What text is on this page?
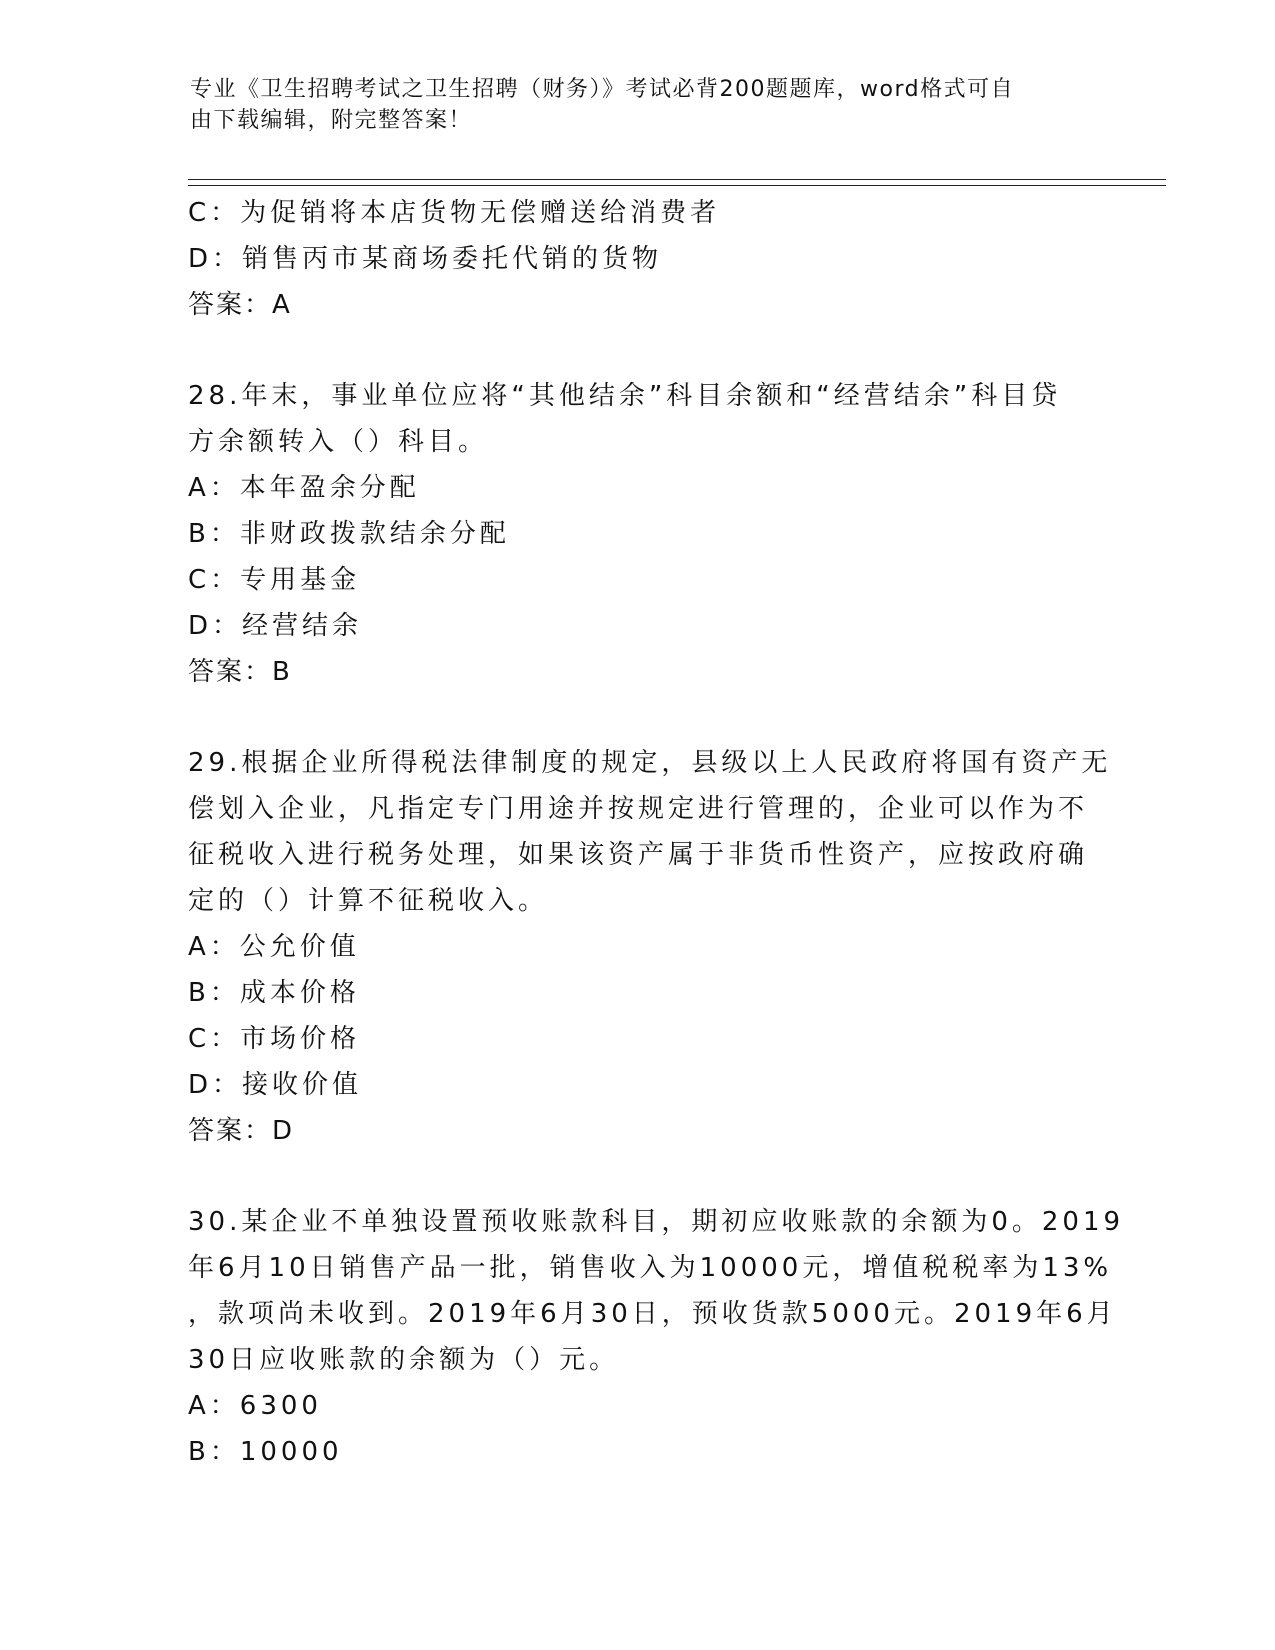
专业《卫生招聘考试之卫生招聘（财务）》考试必背200题题库，word格式可自
由下载编辑，附完整答案！
C：为促销将本店货物无偿赠送给消费者
D：销售丙市某商场委托代销的货物
答案：A
28.年末，事业单位应将“其他结余”科目余额和“经营结余”科目贷
方余额转入（）科目。
A：本年盈余分配
B：非财政拨款结余分配
C：专用基金
D：经营结余
答案：B
29.根据企业所得税法律制度的规定，县级以上人民政府将国有资产无
偿划入企业，凡指定专门用途并按规定进行管理的，企业可以作为不
征税收入进行税务处理，如果该资产属于非货币性资产，应按政府确
定的（）计算不征税收入。
A：公允价值
B：成本价格
C：市场价格
D：接收价值
答案：D
30.某企业不单独设置预收账款科目，期初应收账款的余额为0。2019
年6月10日销售产品一批，销售收入为10000元，增值税税率为13%
，款项尚未收到。2019年6月30日，预收货款5000元。2019年6月
30日应收账款的余额为（）元。
A：6300
B：10000
